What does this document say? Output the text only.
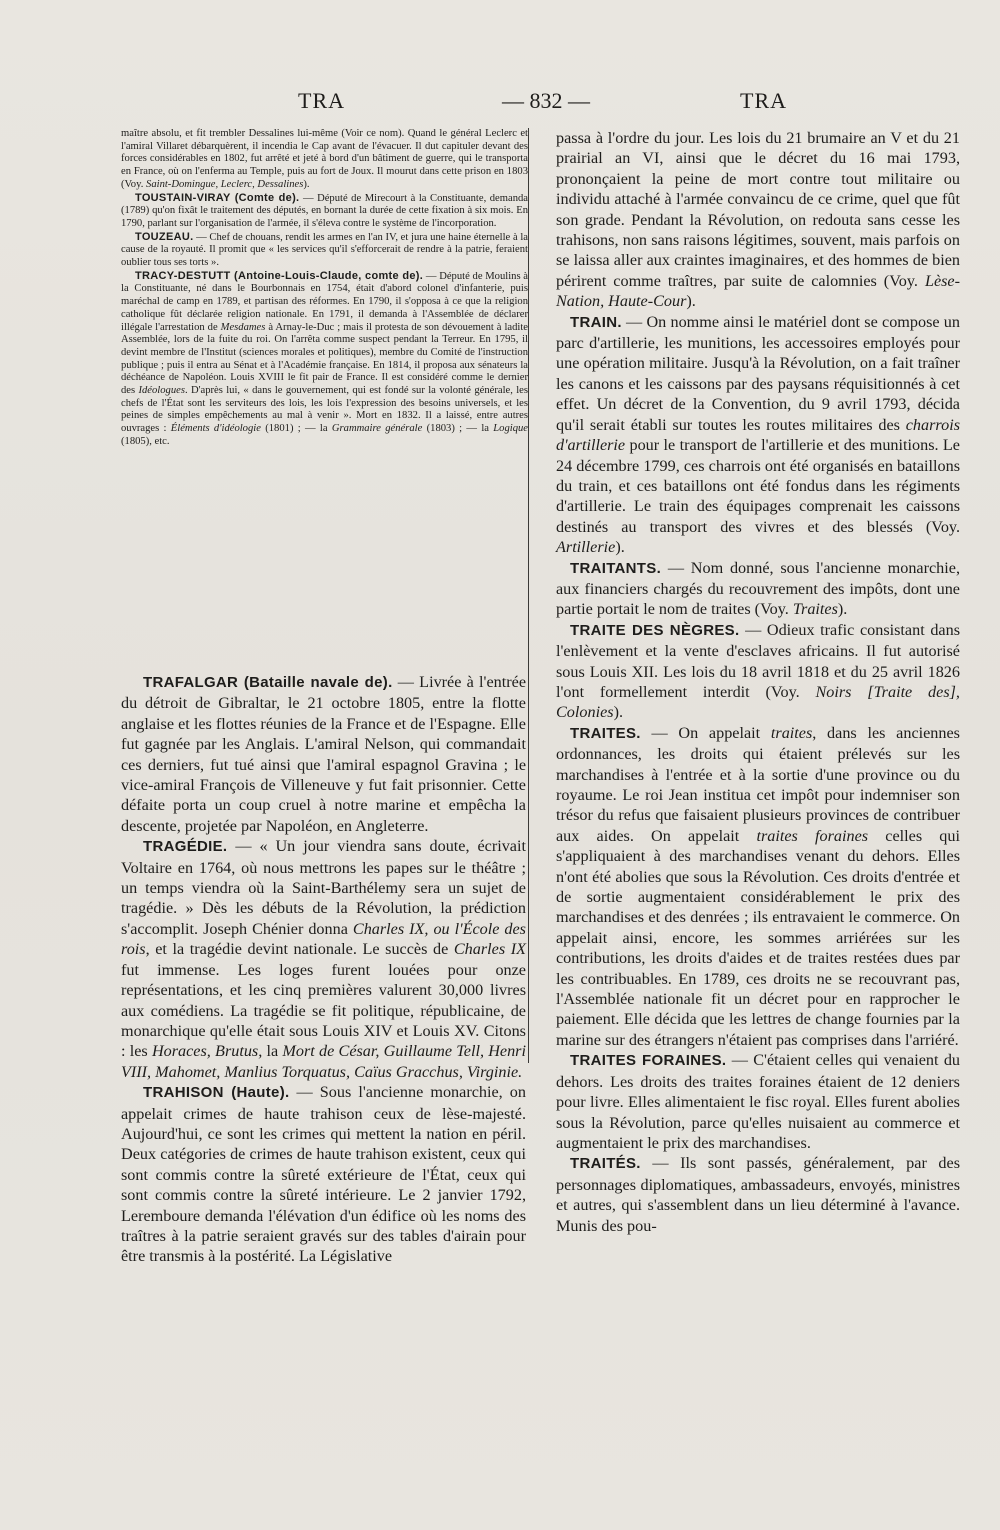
TRA	— 832 —	TRA

maître absolu, et fit trembler Dessalines lui-même (Voir ce nom). Quand le général Leclerc et l'amiral Villaret débarquèrent, il incendia le Cap avant de l'évacuer. Il dut capituler devant des forces considérables en 1802, fut arrêté et jeté à bord d'un bâtiment de guerre, qui le transporta en France, où on l'enferma au Temple, puis au fort de Joux. Il mourut dans cette prison en 1803 (Voy. Saint-Domingue, Leclerc, Dessalines).

TOUSTAIN-VIRAY (Comte de). — Député de Mirecourt à la Constituante, demanda (1789) qu'on fixât le traitement des députés, en bornant la durée de cette fixation à six mois. En 1790, parlant sur l'organisation de l'armée, il s'éleva contre le système de l'incorporation.

TOUZEAU. — Chef de chouans, rendit les armes en l'an IV, et jura une haine éternelle à la cause de la royauté. Il promit que « les services qu'il s'efforcerait de rendre à la patrie, feraient oublier tous ses torts ».

TRACY-DESTUTT (Antoine-Louis-Claude, comte de). — Député de Moulins à la Constituante, né dans le Bourbonnais en 1754, était d'abord colonel d'infanterie, puis maréchal de camp en 1789, et partisan des réformes. En 1790, il s'opposa à ce que la religion catholique fût déclarée religion nationale. En 1791, il demanda à l'Assemblée de déclarer illégale l'arrestation de Mesdames à Arnay-le-Duc ; mais il protesta de son dévouement à ladite Assemblée, lors de la fuite du roi. On l'arrêta comme suspect pendant la Terreur. En 1795, il devint membre de l'Institut (sciences morales et politiques), membre du Comité de l'instruction publique ; puis il entra au Sénat et à l'Académie française. En 1814, il proposa aux sénateurs la déchéance de Napoléon. Louis XVIII le fit pair de France. Il est considéré comme le dernier des Idéologues. D'après lui, « dans le gouvernement, qui est fondé sur la volonté générale, les chefs de l'État sont les serviteurs des lois, les lois l'expression des besoins universels, et les peines de simples empêchements au mal à venir ». Mort en 1832. Il a laissé, entre autres ouvrages : Éléments d'idéologie (1801) ; — la Grammaire générale (1803) ; — la Logique (1805), etc.

TRAFALGAR (Bataille navale de). — Livrée à l'entrée du détroit de Gibraltar, le 21 octobre 1805, entre la flotte anglaise et les flottes réunies de la France et de l'Espagne. Elle fut gagnée par les Anglais. L'amiral Nelson, qui commandait ces derniers, fut tué ainsi que l'amiral espagnol Gravina ; le vice-amiral François de Villeneuve y fut fait prisonnier. Cette défaite porta un coup cruel à notre marine et empêcha la descente, projetée par Napoléon, en Angleterre.

TRAGÉDIE. — « Un jour viendra sans doute, écrivait Voltaire en 1764, où nous mettrons les papes sur le théâtre ; un temps viendra où la Saint-Barthélemy sera un sujet de tragédie. » Dès les débuts de la Révolution, la prédiction s'accomplit. Joseph Chénier donna Charles IX, ou l'École des rois, et la tragédie devint nationale. Le succès de Charles IX fut immense. Les loges furent louées pour onze représentations, et les cinq premières valurent 30,000 livres aux comédiens. La tragédie se fit politique, républicaine, de monarchique qu'elle était sous Louis XIV et Louis XV. Citons : les Horaces, Brutus, la Mort de César, Guillaume Tell, Henri VIII, Mahomet, Manlius Torquatus, Caïus Gracchus, Virginie.

TRAHISON (Haute). — Sous l'ancienne monarchie, on appelait crimes de haute trahison ceux de lèse-majesté. Aujourd'hui, ce sont les crimes qui mettent la nation en péril. Deux catégories de crimes de haute trahison existent, ceux qui sont commis contre la sûreté extérieure de l'État, ceux qui sont commis contre la sûreté intérieure. Le 2 janvier 1792, Leremboure demanda l'élévation d'un édifice où les noms des traîtres à la patrie seraient gravés sur des tables d'airain pour être transmis à la postérité. La Législative

passa à l'ordre du jour. Les lois du 21 brumaire an V et du 21 prairial an VI, ainsi que le décret du 16 mai 1793, prononçaient la peine de mort contre tout militaire ou individu attaché à l'armée convaincu de ce crime, quel que fût son grade. Pendant la Révolution, on redouta sans cesse les trahisons, non sans raisons légitimes, souvent, mais parfois on se laissa aller aux craintes imaginaires, et des hommes de bien périrent comme traîtres, par suite de calomnies (Voy. Lèse-Nation, Haute-Cour).

TRAIN. — On nomme ainsi le matériel dont se compose un parc d'artillerie, les munitions, les accessoires employés pour une opération militaire. Jusqu'à la Révolution, on a fait traîner les canons et les caissons par des paysans réquisitionnés à cet effet. Un décret de la Convention, du 9 avril 1793, décida qu'il serait établi sur toutes les routes militaires des charrois d'artillerie pour le transport de l'artillerie et des munitions. Le 24 décembre 1799, ces charrois ont été organisés en bataillons du train, et ces bataillons ont été fondus dans les régiments d'artillerie. Le train des équipages comprenait les caissons destinés au transport des vivres et des blessés (Voy. Artillerie).

TRAITANTS. — Nom donné, sous l'ancienne monarchie, aux financiers chargés du recouvrement des impôts, dont une partie portait le nom de traites (Voy. Traites).

TRAITE DES NÈGRES. — Odieux trafic consistant dans l'enlèvement et la vente d'esclaves africains. Il fut autorisé sous Louis XII. Les lois du 18 avril 1818 et du 25 avril 1826 l'ont formellement interdit (Voy. Noirs [Traite des], Colonies).

TRAITES. — On appelait traites, dans les anciennes ordonnances, les droits qui étaient prélevés sur les marchandises à l'entrée et à la sortie d'une province ou du royaume. Le roi Jean institua cet impôt pour indemniser son trésor du refus que faisaient plusieurs provinces de contribuer aux aides. On appelait traites foraines celles qui s'appliquaient à des marchandises venant du dehors. Elles n'ont été abolies que sous la Révolution. Ces droits d'entrée et de sortie augmentaient considérablement le prix des marchandises et des denrées ; ils entravaient le commerce. On appelait ainsi, encore, les sommes arriérées sur les contributions, les droits d'aides et de traites restées dues par les contribuables. En 1789, ces droits ne se recouvrant pas, l'Assemblée nationale fit un décret pour en rapprocher le paiement. Elle décida que les lettres de change fournies par la marine sur des étrangers n'étaient pas comprises dans l'arriéré.

TRAITES FORAINES. — C'étaient celles qui venaient du dehors. Les droits des traites foraines étaient de 12 deniers pour livre. Elles alimentaient le fisc royal. Elles furent abolies sous la Révolution, parce qu'elles nuisaient au commerce et augmentaient le prix des marchandises.

TRAITÉS. — Ils sont passés, généralement, par des personnages diplomatiques, ambassadeurs, envoyés, ministres et autres, qui s'assemblent dans un lieu déterminé à l'avance. Munis des pou-
